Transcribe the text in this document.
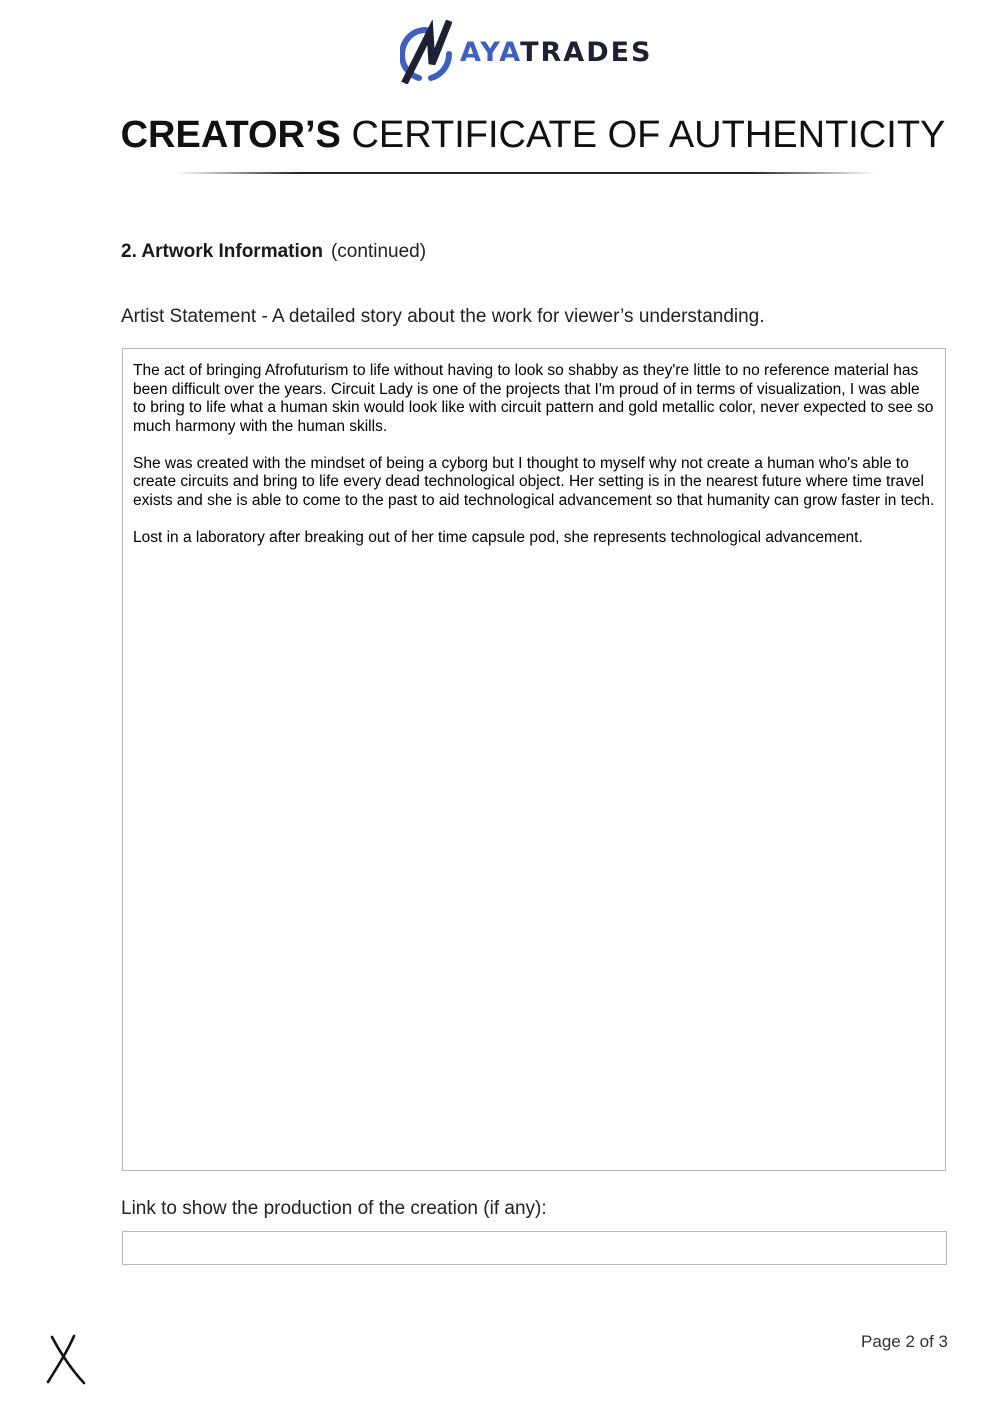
AYATRADES
CREATOR’S CERTIFICATE OF AUTHENTICITY
2. Artwork Information (continued)
Artist Statement - A detailed story about the work for viewer’s understanding.

The act of bringing Afrofuturism to life without having to look so shabby as they're little to no reference material has been difficult over the years. Circuit Lady is one of the projects that I'm proud of in terms of visualization, I was able to bring to life what a human skin would look like with circuit pattern and gold metallic color, never expected to see so much harmony with the human skills.

She was created with the mindset of being a cyborg but I thought to myself why not create a human who's able to create circuits and bring to life every dead technological object. Her setting is in the nearest future where time travel exists and she is able to come to the past to aid technological advancement so that humanity can grow faster in tech.

Lost in a laboratory after breaking out of her time capsule pod, she represents technological advancement.

Link to show the production of the creation (if any):
Page 2 of 3
